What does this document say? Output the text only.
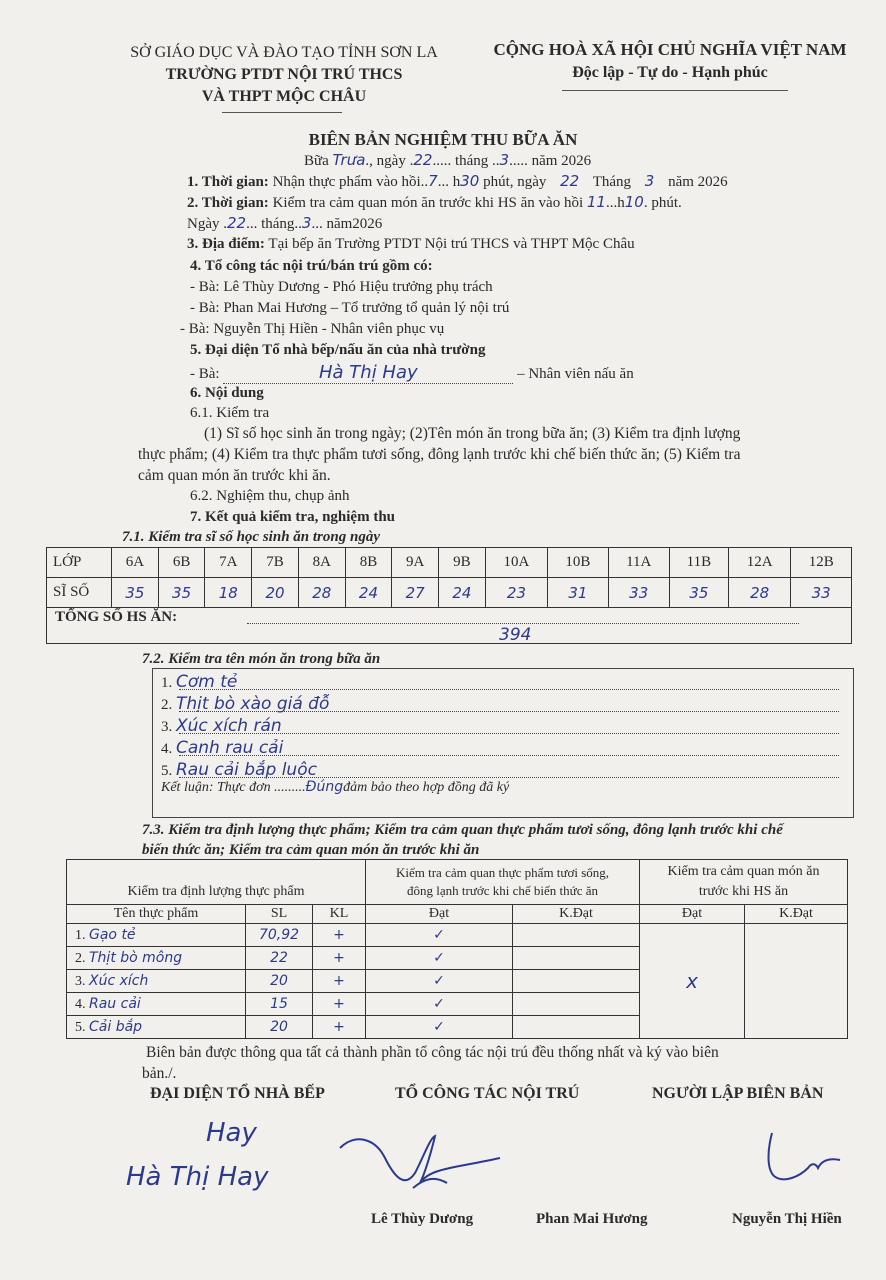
SỞ GIÁO DỤC VÀ ĐÀO TẠO TỈNH SƠN LA
TRƯỜNG PTDT NỘI TRÚ THCS
VÀ THPT MỘC CHÂU
CỘNG HOÀ XÃ HỘI CHỦ NGHĨA VIỆT NAM
Độc lập - Tự do - Hạnh phúc
BIÊN BẢN NGHIỆM THU BỮA ĂN
Bữa Trưa., ngày .22..... tháng ..3..... năm 2026
1. Thời gian: Nhận thực phẩm vào hồi..7... h30 phút, ngày 22 Tháng 3 năm 2026
2. Thời gian: Kiểm tra cảm quan món ăn trước khi HS ăn vào hồi 11...h10. phút.
Ngày .22... tháng..3... năm2026
3. Địa điểm: Tại bếp ăn Trường PTDT Nội trú THCS và THPT Mộc Châu
4. Tổ công tác nội trú/bán trú gồm có:
- Bà: Lê Thùy Dương - Phó Hiệu trưởng phụ trách
- Bà: Phan Mai Hương – Tổ trưởng tổ quản lý nội trú
- Bà: Nguyễn Thị Hiền - Nhân viên phục vụ
5. Đại diện Tổ nhà bếp/nấu ăn của nhà trường
- Bà:	Hà Thị Hay	– Nhân viên nấu ăn
6. Nội dung
6.1. Kiểm tra
(1) Sĩ số học sinh ăn trong ngày; (2)Tên món ăn trong bữa ăn; (3) Kiểm tra định lượng
thực phẩm; (4) Kiểm tra thực phẩm tươi sống, đông lạnh trước khi chế biến thức ăn; (5) Kiểm tra
cảm quan món ăn trước khi ăn.
6.2. Nghiệm thu, chụp ảnh
7. Kết quả kiểm tra, nghiệm thu
7.1. Kiểm tra sĩ số học sinh ăn trong ngày
LỚP	6A	6B	7A	7B	8A	8B	9A	9B	10A	10B	11A	11B	12A	12B
SĨ SỐ	35	35	18	20	28	24	27	24	23	31	33	35	28	33
TỔNG SỐ HS ĂN:
394
7.2. Kiểm tra tên món ăn trong bữa ăn
1. Cơm tẻ
2. Thịt bò xào giá đỗ
3. Xúc xích rán
4. Canh rau cải
5. Rau cải bắp luộc
Kết luận: Thực đơn .........Đúngđảm bảo theo hợp đồng đã ký
7.3. Kiểm tra định lượng thực phẩm; Kiểm tra cảm quan thực phẩm tươi sống, đông lạnh trước khi chế
biến thức ăn; Kiểm tra cảm quan món ăn trước khi ăn
Kiểm tra định lượng thực phẩm			Kiểm tra cảm quan thực phẩm tươi sống,
đông lạnh trước khi chế biến thức ăn		Kiểm tra cảm quan món ăn
trước khi HS ăn	
Tên thực phẩm	SL	KL	Đạt	K.Đạt	Đạt	K.Đạt
1. Gạo tẻ	70,92	+	✓		x	
2. Thịt bò mông	22	+	✓			
3. Xúc xích	20	+	✓			
4. Rau cải	15	+	✓			
5. Cải bắp	20	+	✓			
Biên bản được thông qua tất cả thành phần tổ công tác nội trú đều thống nhất và ký vào biên
bản./.
ĐẠI DIỆN TỔ NHÀ BẾP	TỔ CÔNG TÁC NỘI TRÚ	NGƯỜI LẬP BIÊN BẢN
Hay
Hà Thị Hay
Lê Thùy Dương	Phan Mai Hương	Nguyễn Thị Hiền
